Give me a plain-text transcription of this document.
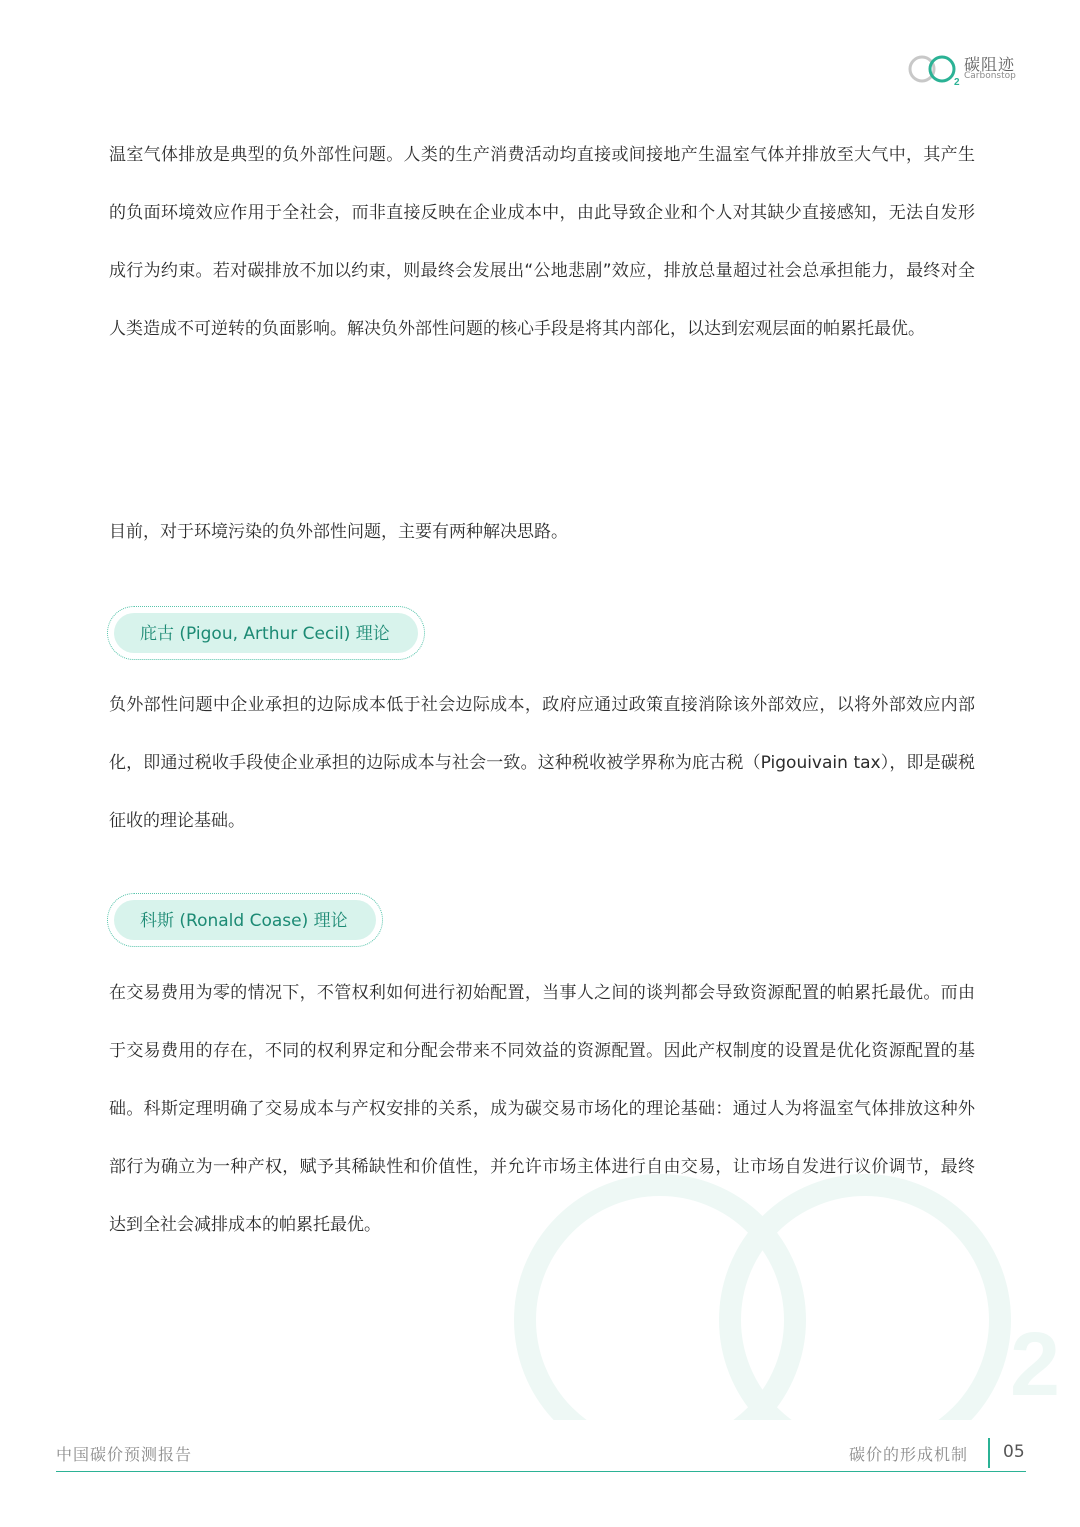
2
碳阻迹
Carbonstop
2

温室气体排放是典型的负外部性问题。人类的生产消费活动均直接或间接地产生温室气体并排放至大气中，其产生的负面环境效应作用于全社会，而非直接反映在企业成本中，由此导致企业和个人对其缺少直接感知，无法自发形成行为约束。若对碳排放不加以约束，则最终会发展出“公地悲剧”效应，排放总量超过社会总承担能力，最终对全人类造成不可逆转的负面影响。解决负外部性问题的核心手段是将其内部化，以达到宏观层面的帕累托最优。

目前，对于环境污染的负外部性问题，主要有两种解决思路。

庇古 (Pigou, Arthur Cecil) 理论

负外部性问题中企业承担的边际成本低于社会边际成本，政府应通过政策直接消除该外部效应，以将外部效应内部化，即通过税收手段使企业承担的边际成本与社会一致。这种税收被学界称为庇古税（Pigouivain tax），即是碳税征收的理论基础。

科斯 (Ronald Coase) 理论

在交易费用为零的情况下，不管权利如何进行初始配置，当事人之间的谈判都会导致资源配置的帕累托最优。而由于交易费用的存在，不同的权利界定和分配会带来不同效益的资源配置。因此产权制度的设置是优化资源配置的基础。科斯定理明确了交易成本与产权安排的关系，成为碳交易市场化的理论基础：通过人为将温室气体排放这种外部行为确立为一种产权，赋予其稀缺性和价值性，并允许市场主体进行自由交易，让市场自发进行议价调节，最终达到全社会减排成本的帕累托最优。

中国碳价预测报告	碳价的形成机制 05
